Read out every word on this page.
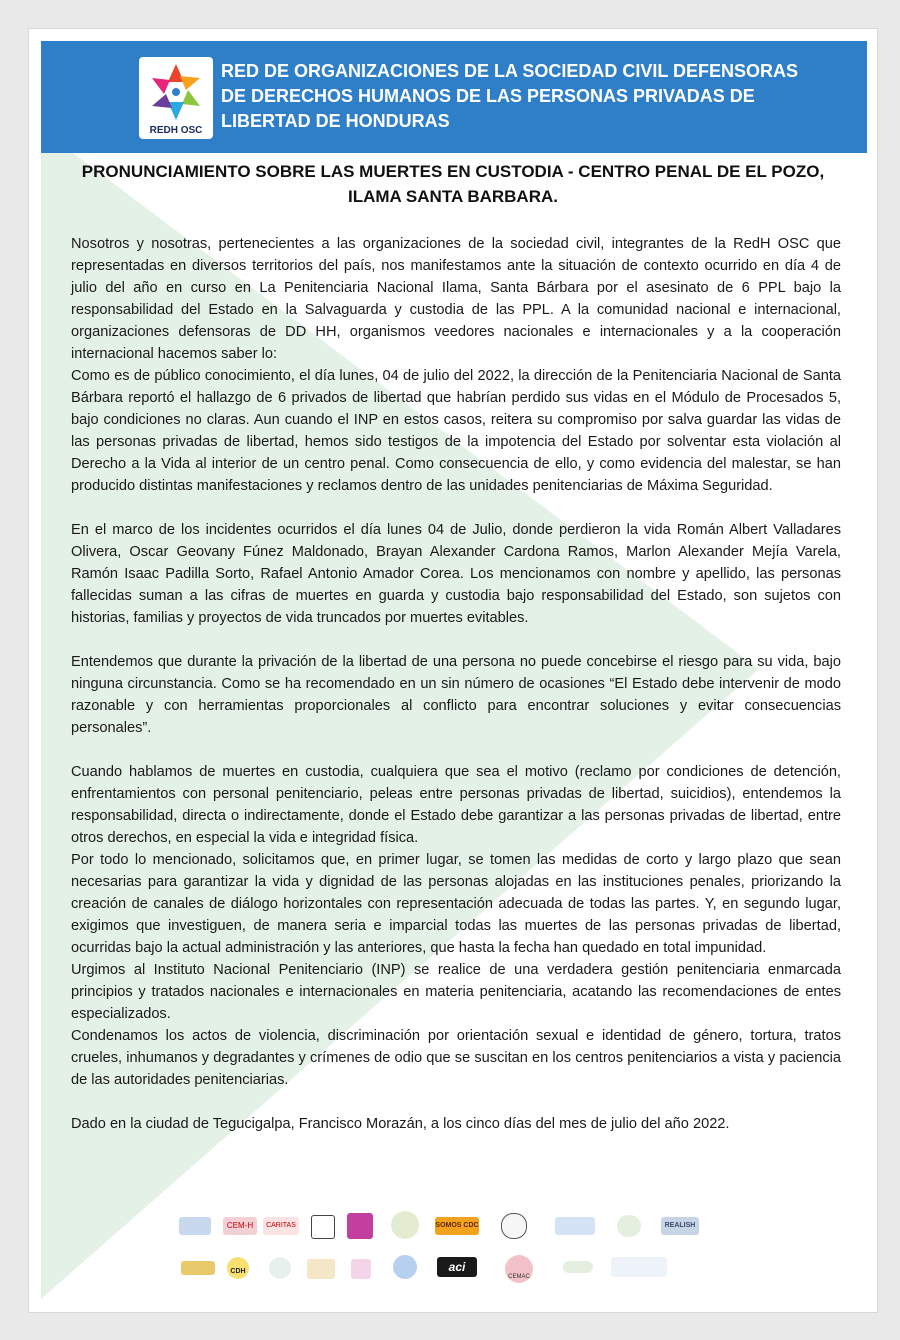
REDH OSC
RED DE ORGANIZACIONES DE LA SOCIEDAD CIVIL DEFENSORAS
DE DERECHOS HUMANOS DE LAS PERSONAS PRIVADAS DE
LIBERTAD DE HONDURAS
PRONUNCIAMIENTO SOBRE LAS MUERTES EN CUSTODIA - CENTRO PENAL DE EL POZO,
ILAMA SANTA BARBARA.

Nosotros y nosotras, pertenecientes a las organizaciones de la sociedad civil, integrantes de la RedH OSC que representadas en diversos territorios del país, nos manifestamos ante la situación de contexto ocurrido en día 4 de julio del año en curso en La Penitenciaria Nacional Ilama, Santa Bárbara por el asesinato de 6 PPL bajo la responsabilidad del Estado en la Salvaguarda y custodia de las PPL. A la comunidad nacional e internacional, organizaciones defensoras de DD HH, organismos veedores nacionales e internacionales y a la cooperación internacional hacemos saber lo:

Como es de público conocimiento, el día lunes, 04 de julio del 2022, la dirección de la Penitenciaria Nacional de Santa Bárbara reportó el hallazgo de 6 privados de libertad que habrían perdido sus vidas en el Módulo de Procesados 5, bajo condiciones no claras. Aun cuando el INP en estos casos, reitera su compromiso por salva guardar las vidas de las personas privadas de libertad, hemos sido testigos de la impotencia del Estado por solventar esta violación al Derecho a la Vida al interior de un centro penal. Como consecuencia de ello, y como evidencia del malestar, se han producido distintas manifestaciones y reclamos dentro de las unidades penitenciarias de Máxima Seguridad.

En el marco de los incidentes ocurridos el día lunes 04 de Julio, donde perdieron la vida Román Albert Valladares Olivera, Oscar Geovany Fúnez Maldonado, Brayan Alexander Cardona Ramos, Marlon Alexander Mejía Varela, Ramón Isaac Padilla Sorto, Rafael Antonio Amador Corea. Los mencionamos con nombre y apellido, las personas fallecidas suman a las cifras de muertes en guarda y custodia bajo responsabilidad del Estado, son sujetos con historias, familias y proyectos de vida truncados por muertes evitables.

Entendemos que durante la privación de la libertad de una persona no puede concebirse el riesgo para su vida, bajo ninguna circunstancia. Como se ha recomendado en un sin número de ocasiones “El Estado debe intervenir de modo razonable y con herramientas proporcionales al conflicto para encontrar soluciones y evitar consecuencias personales”.

Cuando hablamos de muertes en custodia, cualquiera que sea el motivo (reclamo por condiciones de detención, enfrentamientos con personal penitenciario, peleas entre personas privadas de libertad, suicidios), entendemos la responsabilidad, directa o indirectamente, donde el Estado debe garantizar a las personas privadas de libertad, entre otros derechos, en especial la vida e integridad física.

Por todo lo mencionado, solicitamos que, en primer lugar, se tomen las medidas de corto y largo plazo que sean necesarias para garantizar la vida y dignidad de las personas alojadas en las instituciones penales, priorizando la creación de canales de diálogo horizontales con representación adecuada de todas las partes. Y, en segundo lugar, exigimos que investiguen, de manera seria e imparcial todas las muertes de las personas privadas de libertad, ocurridas bajo la actual administración y las anteriores, que hasta la fecha han quedado en total impunidad.

Urgimos al Instituto Nacional Penitenciario (INP) se realice de una verdadera gestión penitenciaria enmarcada principios y tratados nacionales e internacionales en materia penitenciaria, acatando las recomendaciones de entes especializados.

Condenamos los actos de violencia, discriminación por orientación sexual e identidad de género, tortura, tratos crueles, inhumanos y degradantes y crímenes de odio que se suscitan en los centros penitenciarios a vista y paciencia de las autoridades penitenciarias.

Dado en la ciudad de Tegucigalpa, Francisco Morazán, a los cinco días del mes de julio del año 2022.

CEM-H	CARITAS	SOMOS CDC	REALISH
CDH	aci
CEMAC
